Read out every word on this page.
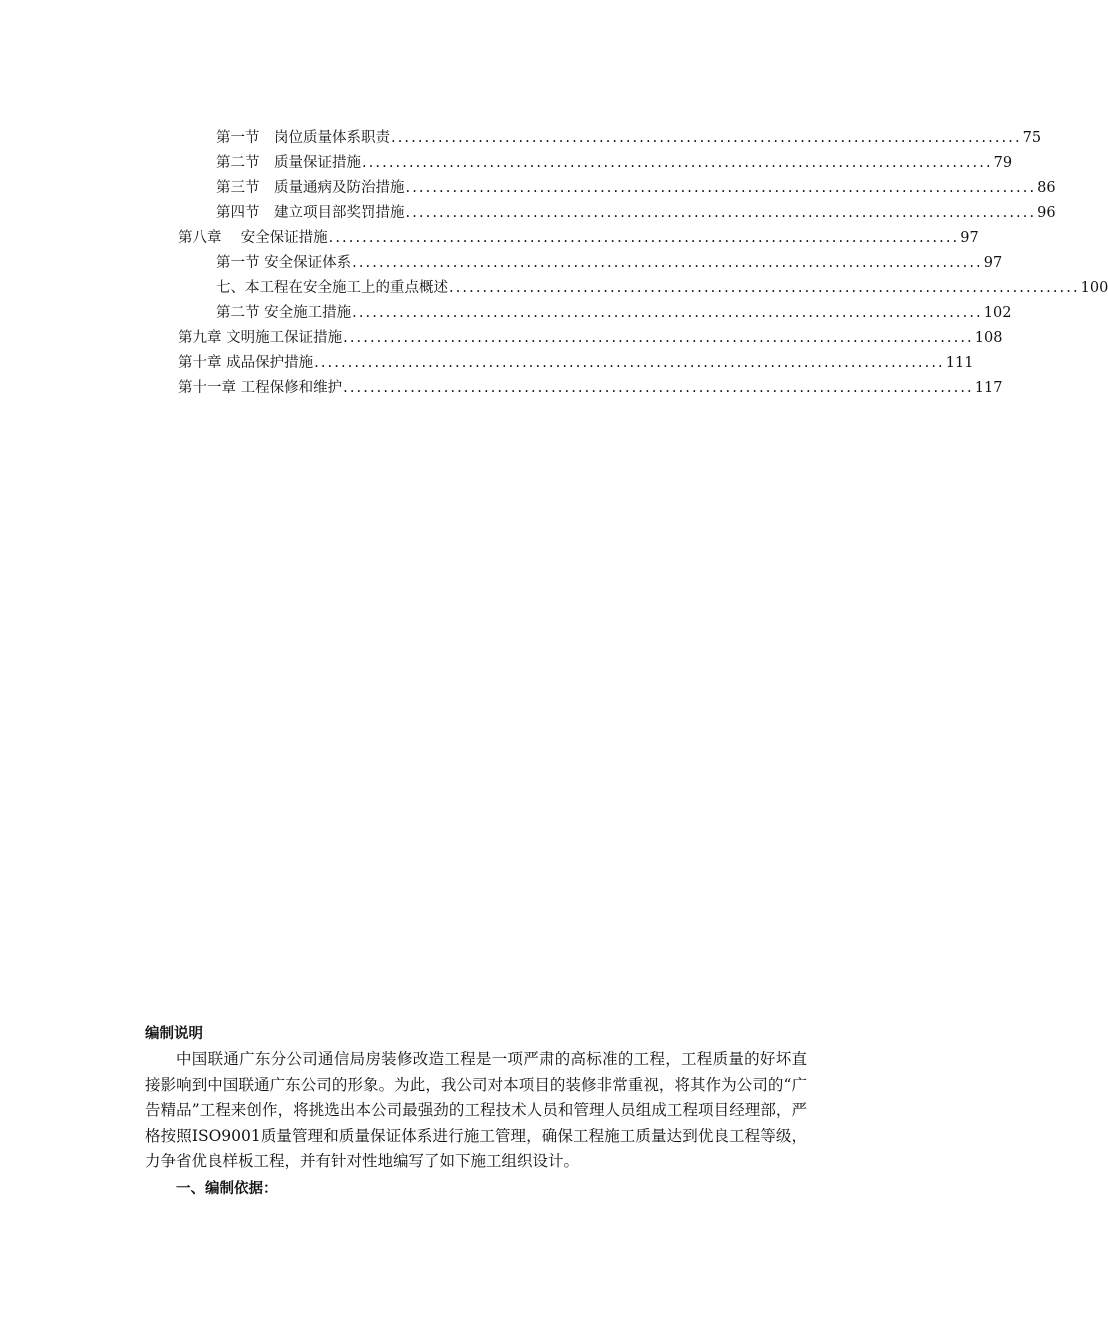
第一节　岗位质量体系职责 .............................................................................................. 75
第二节　质量保证措施 .............................................................................................. 79
第三节　质量通病及防治措施 .............................................................................................. 86
第四节　建立项目部奖罚措施 .............................................................................................. 96
第八章　 安全保证措施 .............................................................................................. 97
第一节 安全保证体系 .............................................................................................. 97
七、本工程在安全施工上的重点概述 .............................................................................................. 100
第二节 安全施工措施 .............................................................................................. 102
第九章 文明施工保证措施 .............................................................................................. 108
第十章 成品保护措施 .............................................................................................. 111
第十一章 工程保修和维护 .............................................................................................. 117

编制说明

中国联通广东分公司通信局房装修改造工程是一项严肃的高标准的工程，工程质量的好坏直接影响到中国联通广东公司的形象。为此，我公司对本项目的装修非常重视，将其作为公司的“广告精品”工程来创作，将挑选出本公司最强劲的工程技术人员和管理人员组成工程项目经理部，严格按照ISO9001质量管理和质量保证体系进行施工管理，确保工程施工质量达到优良工程等级，力争省优良样板工程，并有针对性地编写了如下施工组织设计。

一、编制依据：
